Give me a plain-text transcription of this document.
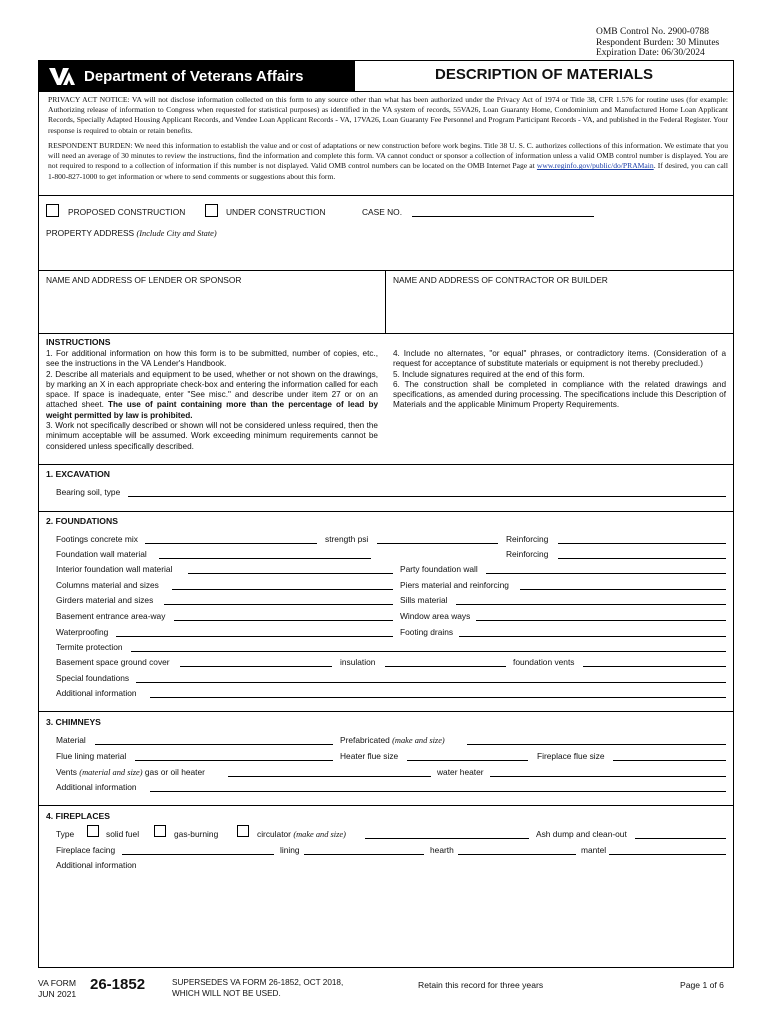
OMB Control No. 2900-0788
Respondent Burden: 30 Minutes
Expiration Date: 06/30/2024
Department of Veterans Affairs	DESCRIPTION OF MATERIALS
PRIVACY ACT NOTICE: VA will not disclose information collected on this form to any source other than what has been authorized under the Privacy Act of 1974 or Title 38, CFR 1.576 for routine uses (for example: Authorizing release of information to Congress when requested for statistical purposes) as identified in the VA system of records, 55VA26, Loan Guaranty Home, Condominium and Manufactured Home Loan Applicant Records, Specially Adapted Housing Applicant Records, and Vendee Loan Applicant Records - VA, 17VA26, Loan Guaranty Fee Personnel and Program Participant Records - VA, and published in the Federal Register. Your response is required to obtain or retain benefits.
RESPONDENT BURDEN: We need this information to establish the value and or cost of adaptations or new construction before work begins. Title 38 U. S. C. authorizes collections of this information. We estimate that you will need an average of 30 minutes to review the instructions, find the information and complete this form. VA cannot conduct or sponsor a collection of information unless a valid OMB control number is displayed. You are not required to respond to a collection of information if this number is not displayed. Valid OMB control numbers can be located on the OMB Internet Page at www.reginfo.gov/public/do/PRAMain. If desired, you can call 1-800-827-1000 to get information or where to send comments or suggestions about this form.
PROPOSED CONSTRUCTION	UNDER CONSTRUCTION	CASE NO.
PROPERTY ADDRESS (Include City and State)
NAME AND ADDRESS OF LENDER OR SPONSOR	NAME AND ADDRESS OF CONTRACTOR OR BUILDER
INSTRUCTIONS
1. For additional information on how this form is to be submitted, number of copies, etc., see the instructions in the VA Lender's Handbook.
2. Describe all materials and equipment to be used, whether or not shown on the drawings, by marking an X in each appropriate check-box and entering the information called for each space. If space is inadequate, enter "See misc." and describe under item 27 or on an attached sheet. The use of paint containing more than the percentage of lead by weight permitted by law is prohibited.
3. Work not specifically described or shown will not be considered unless required, then the minimum acceptable will be assumed. Work exceeding minimum requirements cannot be considered unless specifically described.
4. Include no alternates, "or equal" phrases, or contradictory items. (Consideration of a request for acceptance of substitute materials or equipment is not thereby precluded.)
5. Include signatures required at the end of this form.
6. The construction shall be completed in compliance with the related drawings and specifications, as amended during processing. The specifications include this Description of Materials and the applicable Minimum Property Requirements.
1. EXCAVATION
Bearing soil, type
2. FOUNDATIONS
Footings concrete mix	strength psi	Reinforcing
Foundation wall material	Reinforcing
Interior foundation wall material	Party foundation wall
Columns material and sizes	Piers material and reinforcing
Girders material and sizes	Sills material
Basement entrance area-way	Window area ways
Waterproofing	Footing drains
Termite protection
Basement space ground cover	insulation	foundation vents
Special foundations
Additional information
3. CHIMNEYS
Material	Prefabricated (make and size)
Flue lining material	Heater flue size	Fireplace flue size
Vents (material and size) gas or oil heater	water heater
Additional information
4. FIREPLACES
Type	solid fuel	gas-burning	circulator (make and size)	Ash dump and clean-out
Fireplace facing	lining	hearth	mantel
Additional information
VA FORM
JUN 2021
26-1852	SUPERSEDES VA FORM 26-1852, OCT 2018,
WHICH WILL NOT BE USED.
Retain this record for three years	Page 1 of 6
